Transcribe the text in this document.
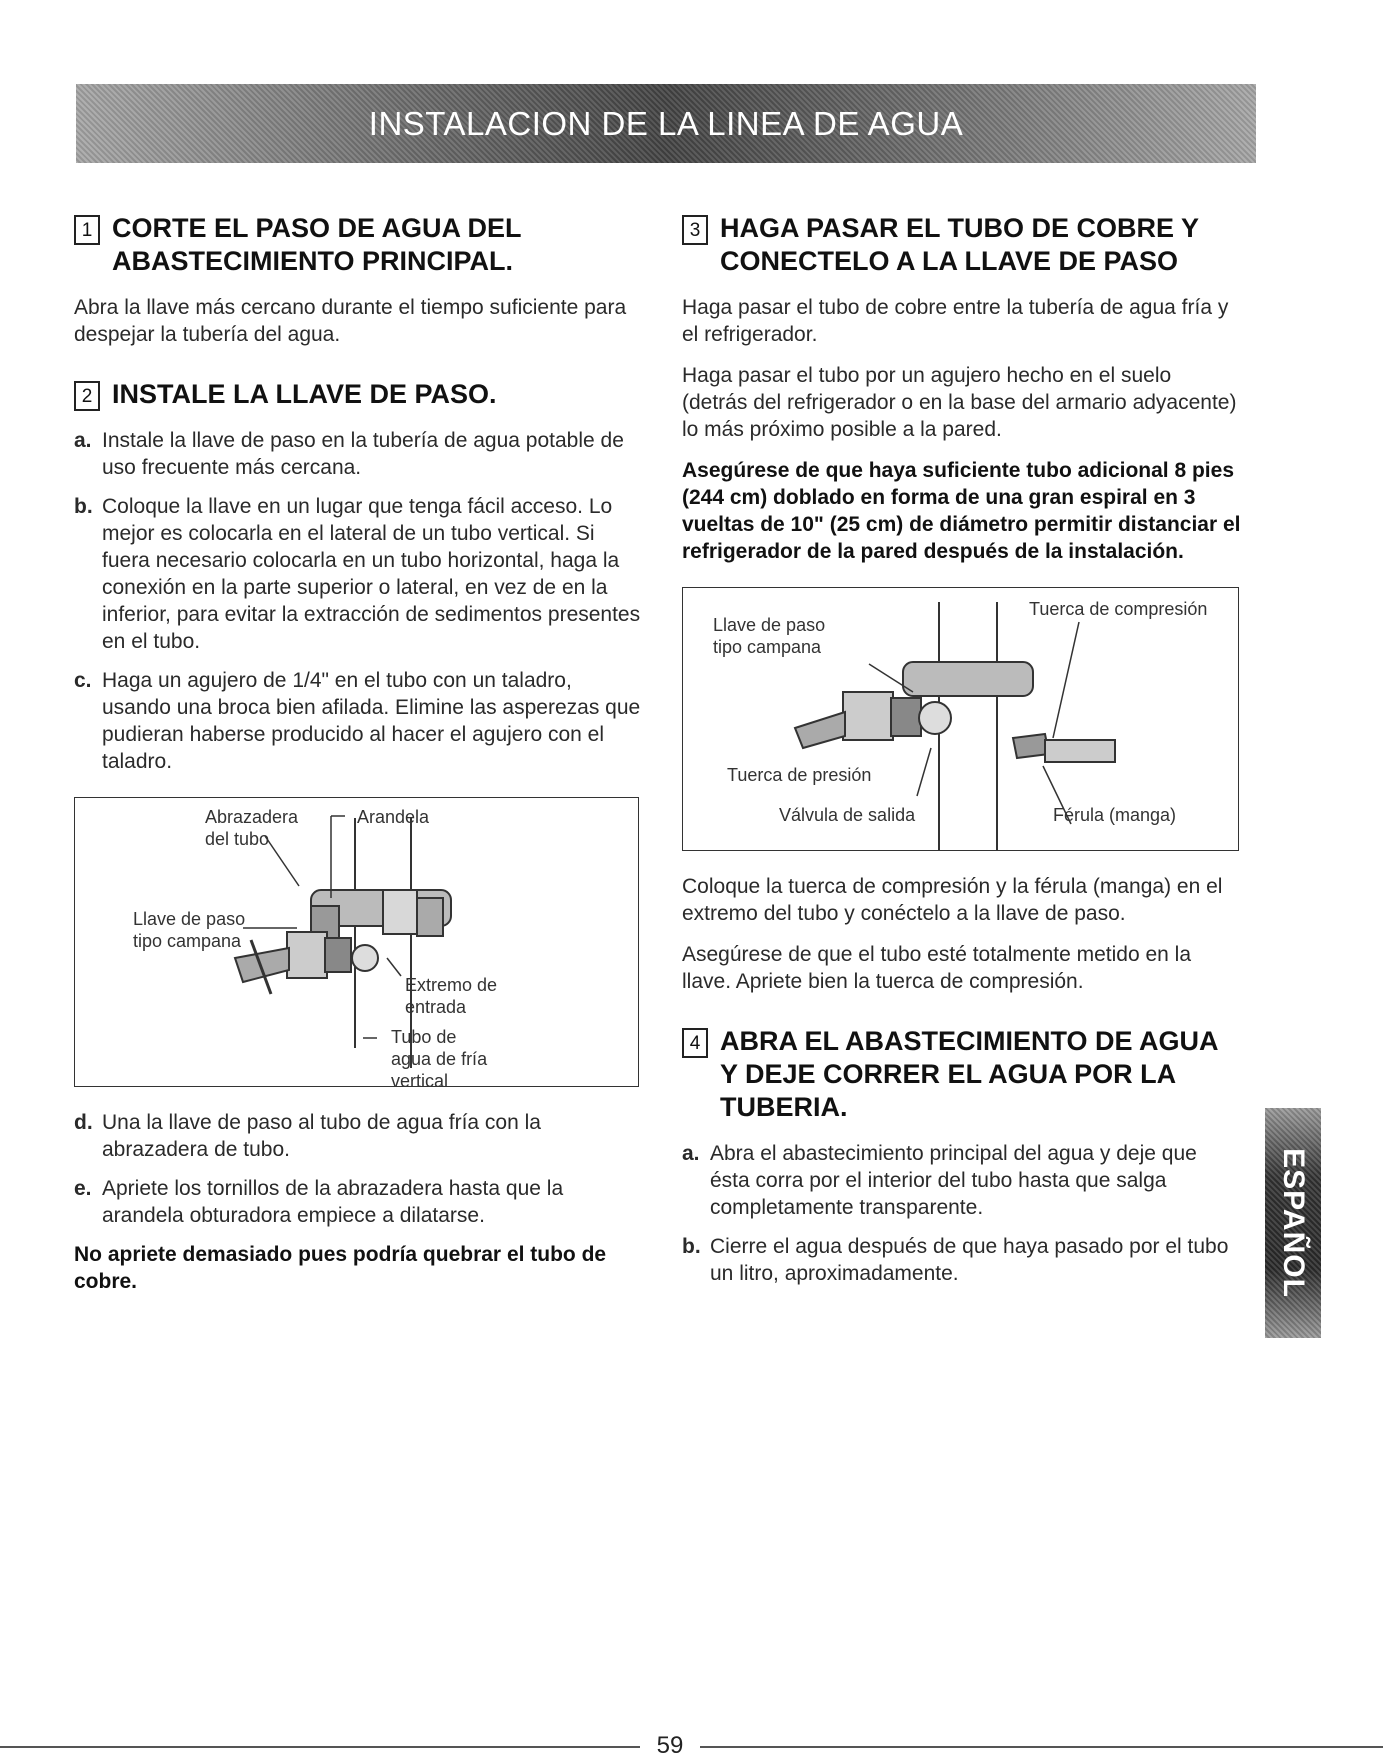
INSTALACION DE LA LINEA DE AGUA
1 CORTE EL PASO DE AGUA DEL ABASTECIMIENTO PRINCIPAL.

Abra la llave más cercano durante el tiempo suficiente para despejar la tubería del agua.

2 INSTALE LA LLAVE DE PASO.
a. Instale la llave de paso en la tubería de agua potable de uso frecuente más cercana.
b. Coloque la llave en un lugar que tenga fácil acceso. Lo mejor es colocarla en el lateral de un tubo vertical. Si fuera necesario colocarla en un tubo horizontal, haga la conexión en la parte superior o lateral, en vez de en la inferior, para evitar la extracción de sedimentos presentes en el tubo.
c. Haga un agujero de 1/4" en el tubo con un taladro, usando una broca bien afilada. Elimine las asperezas que pudieran haberse producido al hacer el agujero con el taladro.
Abrazadera
del tubo
Arandela
Llave de paso
tipo campana
Extremo de
entrada
Tubo de
agua de fría
vertical
d. Una la llave de paso al tubo de agua fría con la abrazadera de tubo.
e. Apriete los tornillos de la abrazadera hasta que la arandela obturadora empiece a dilatarse.

No apriete demasiado pues podría quebrar el tubo de cobre.

3 HAGA PASAR EL TUBO DE COBRE Y CONECTELO A LA LLAVE DE PASO

Haga pasar el tubo de cobre entre la tubería de agua fría y el refrigerador.

Haga pasar el tubo por un agujero hecho en el suelo (detrás del refrigerador o en la base del armario adyacente) lo más próximo posible a la pared.

Asegúrese de que haya suficiente tubo adicional 8 pies (244 cm) doblado en forma de una gran espiral en 3 vueltas de 10" (25 cm) de diámetro permitir distanciar el refrigerador de la pared después de la instalación.

Llave de paso
tipo campana
Tuerca de compresión
Tuerca de presión
Válvula de salida	Férula (manga)

Coloque la tuerca de compresión y la férula (manga) en el extremo del tubo y conéctelo a la llave de paso.

Asegúrese de que el tubo esté totalmente metido en la llave. Apriete bien la tuerca de compresión.

4 ABRA EL ABASTECIMIENTO DE AGUA Y DEJE CORRER EL AGUA POR LA TUBERIA.
a. Abra el abastecimiento principal del agua y deje que ésta corra por el interior del tubo hasta que salga completamente transparente.
b. Cierre el agua después de que haya pasado por el tubo un litro, aproximadamente.	ESPAÑOL
59
